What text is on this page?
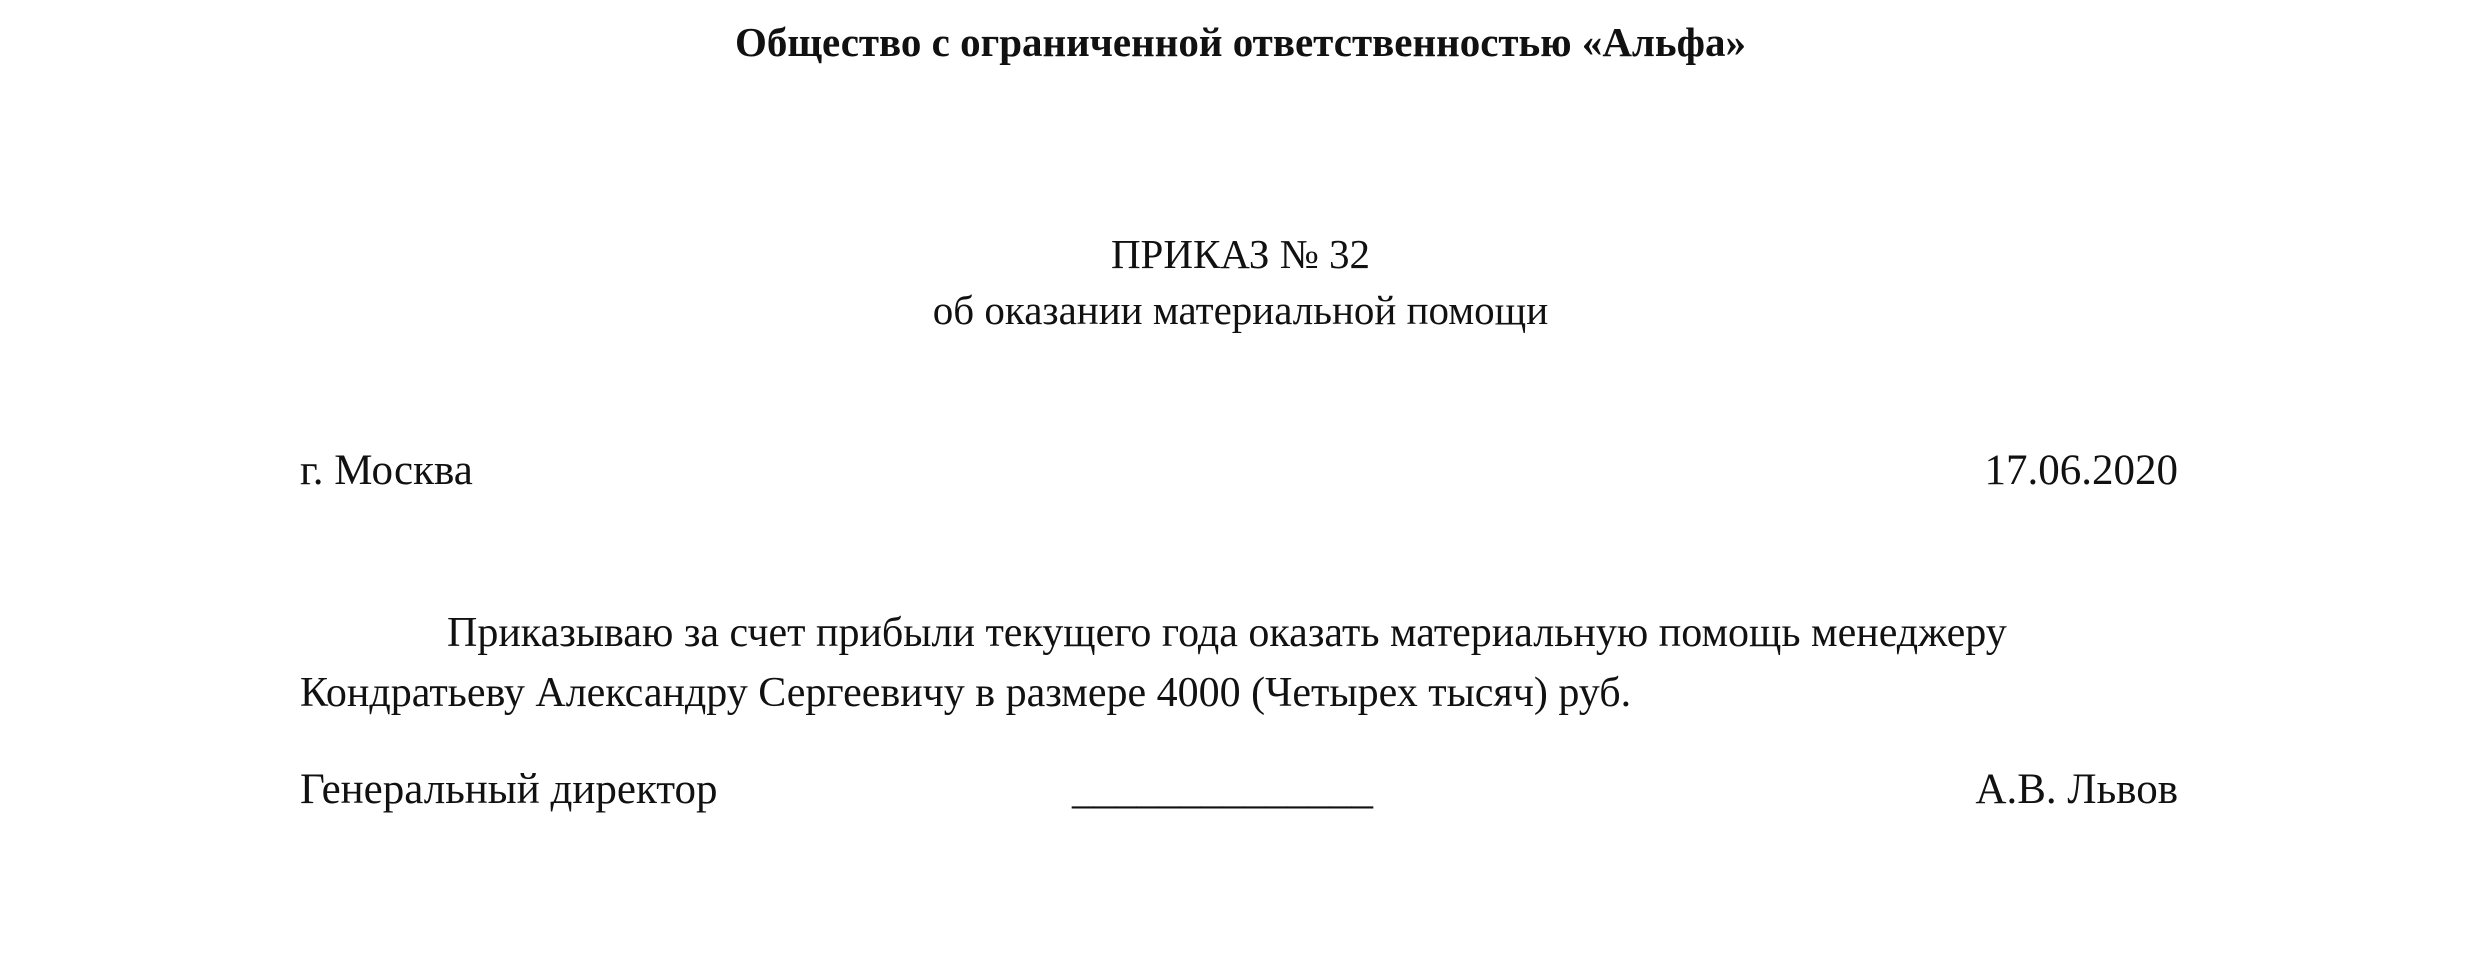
Общество с ограниченной ответственностью «Альфа»
ПРИКАЗ № 32
об оказании материальной помощи
г. Москва	17.06.2020
Приказываю за счет прибыли текущего года оказать материальную помощь менеджеру
Кондратьеву Александру Сергеевичу в размере 4000 (Четырех тысяч) руб.
Генеральный директор	______________	А.В. Львов
